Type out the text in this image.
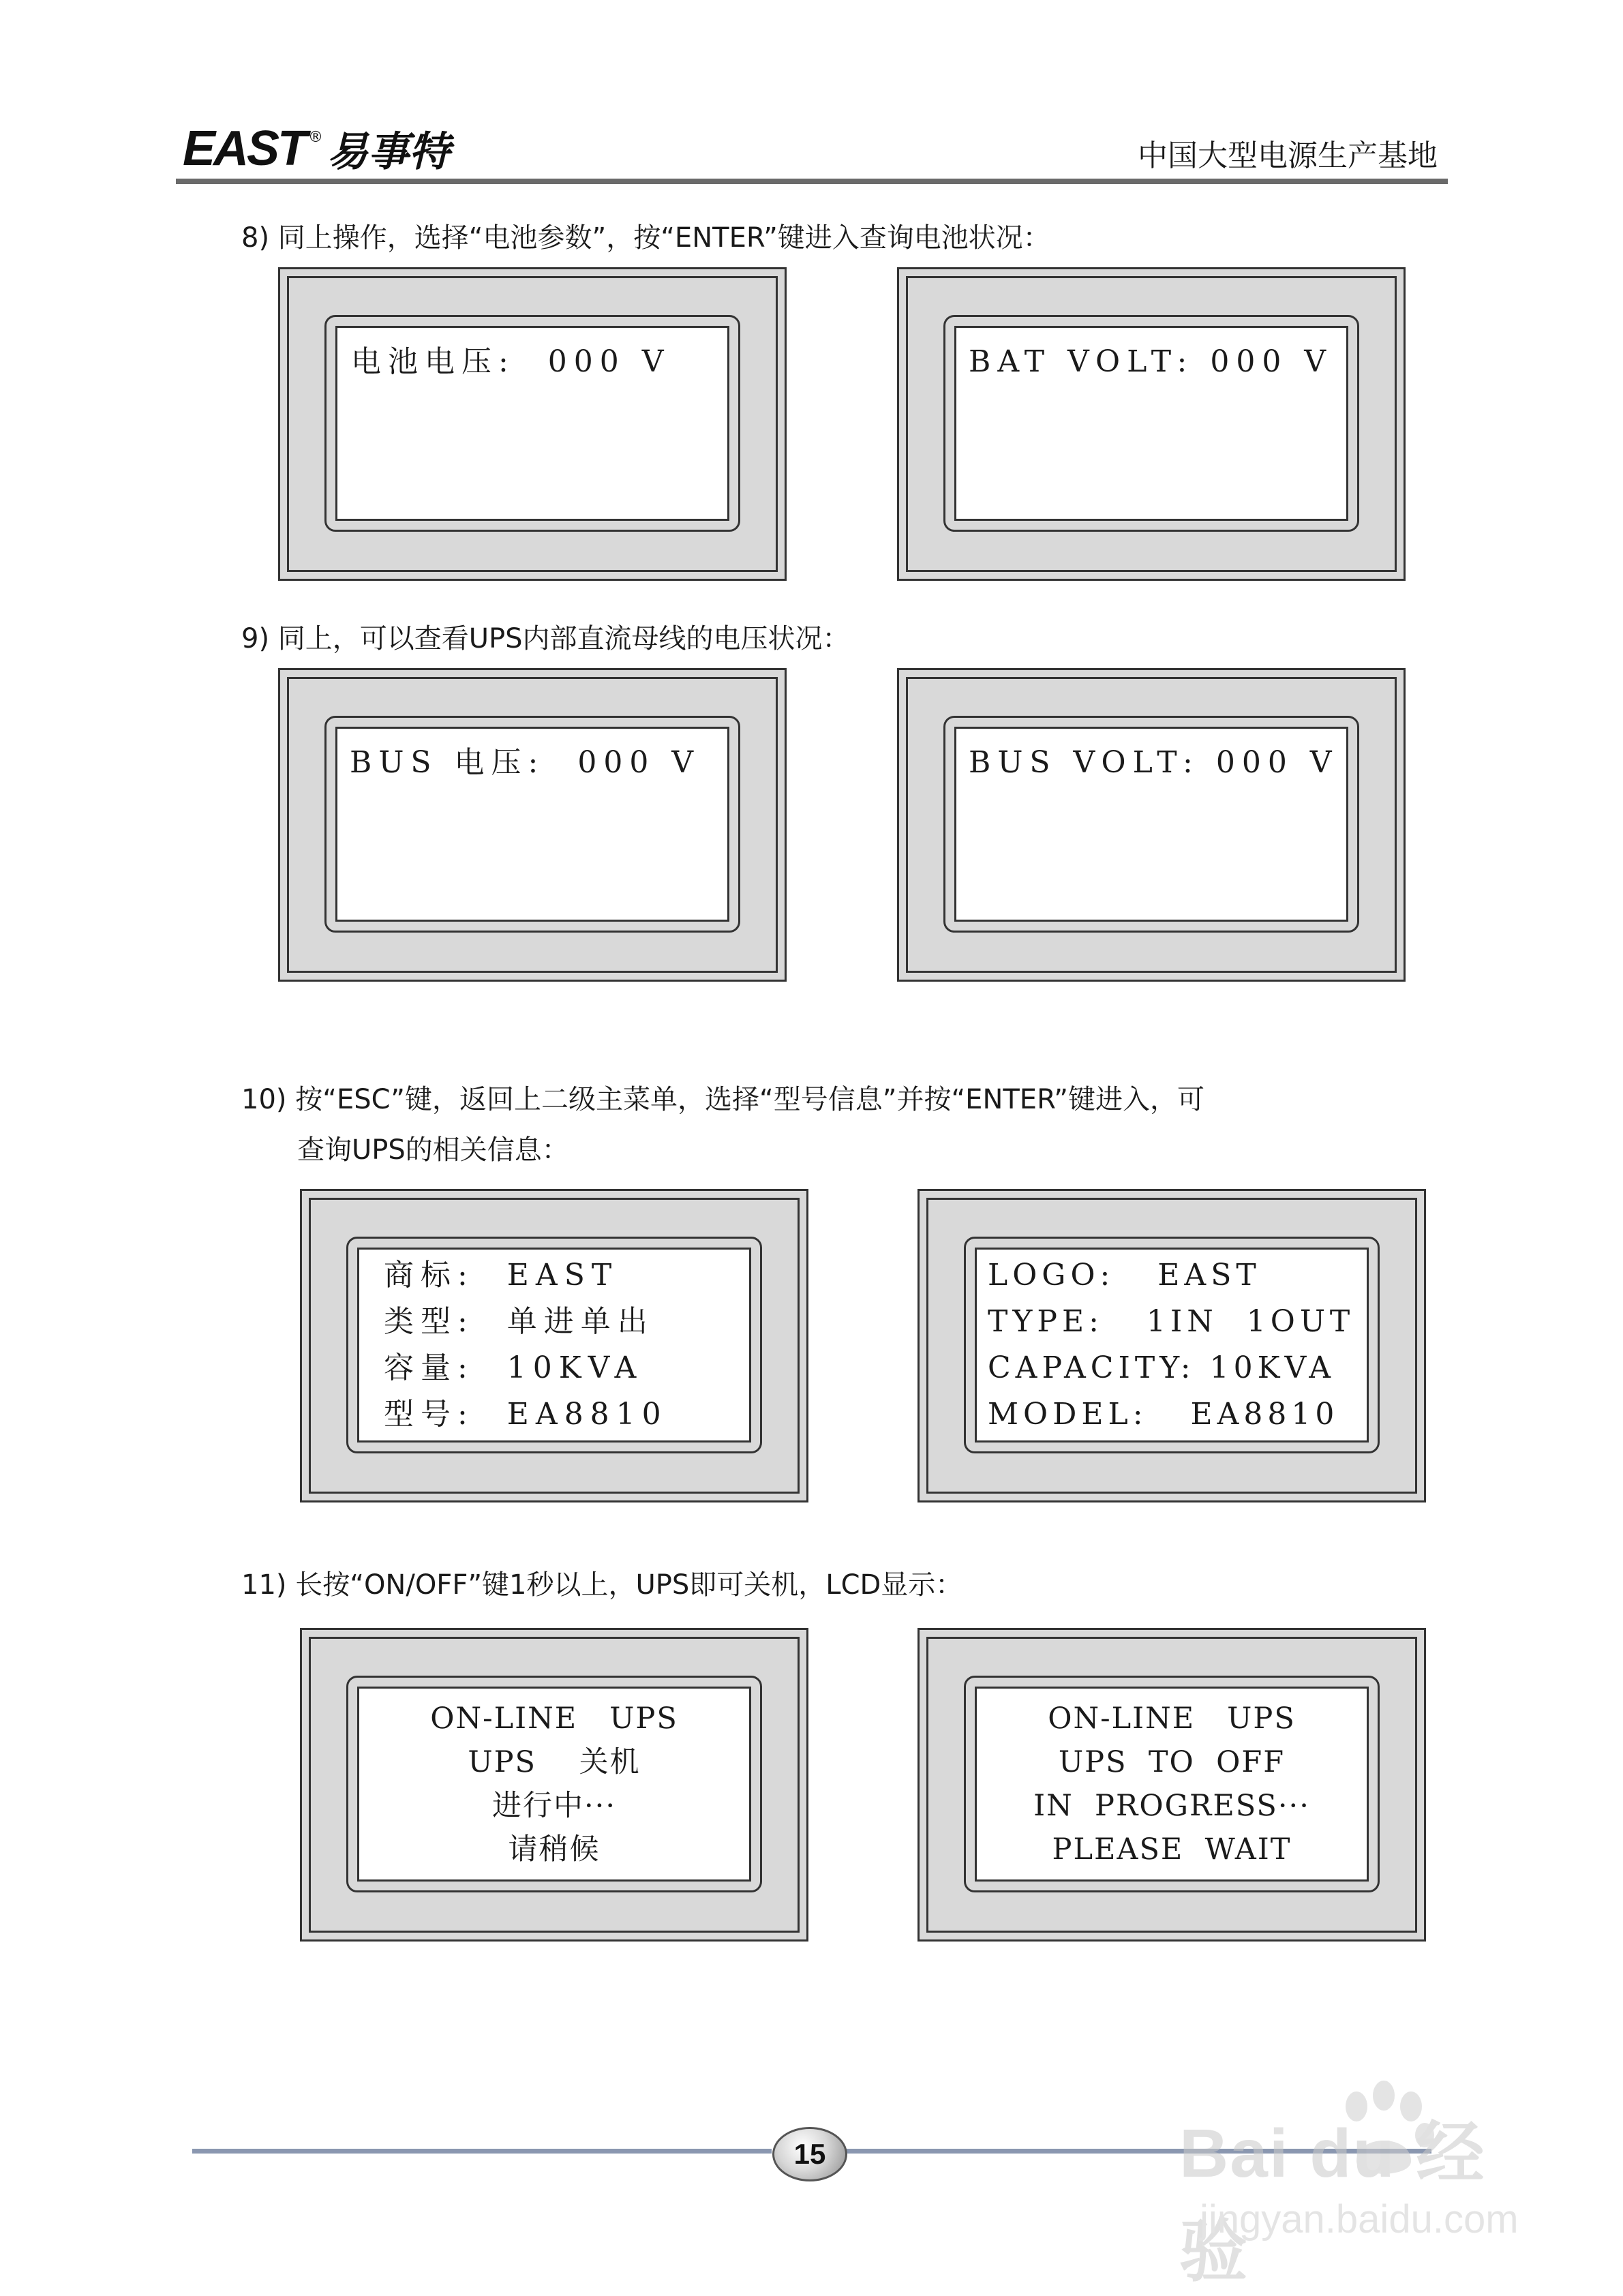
EAST ® 易事特	中国大型电源生产基地
8) 同上操作，选择“电池参数”，按“ENTER”键进入查询电池状况：
电池电压:  000 V	BAT VOLT: 000 V
9) 同上，可以查看UPS内部直流母线的电压状况：
BUS 电压:  000 V	BUS VOLT: 000 V
10) 按“ESC”键，返回上二级主菜单，选择“型号信息”并按“ENTER”键进入，可
查询UPS的相关信息：
商标:  EAST
类型:  单进单出
容量:  10KVA
型号:  EA8810
LOGO:   EAST
TYPE:   1IN  1OUT
CAPACITY: 10KVA
MODEL:   EA8810
11) 长按“ON/OFF”键1秒以上，UPS即可关机，LCD显示：
ON-LINE   UPS
UPS    关机
进行中···
请稍候
ON-LINE   UPS
UPS  TO  OFF
IN  PROGRESS···
PLEASE  WAIT
15	Bai du 经验
jingyan.baidu.com
